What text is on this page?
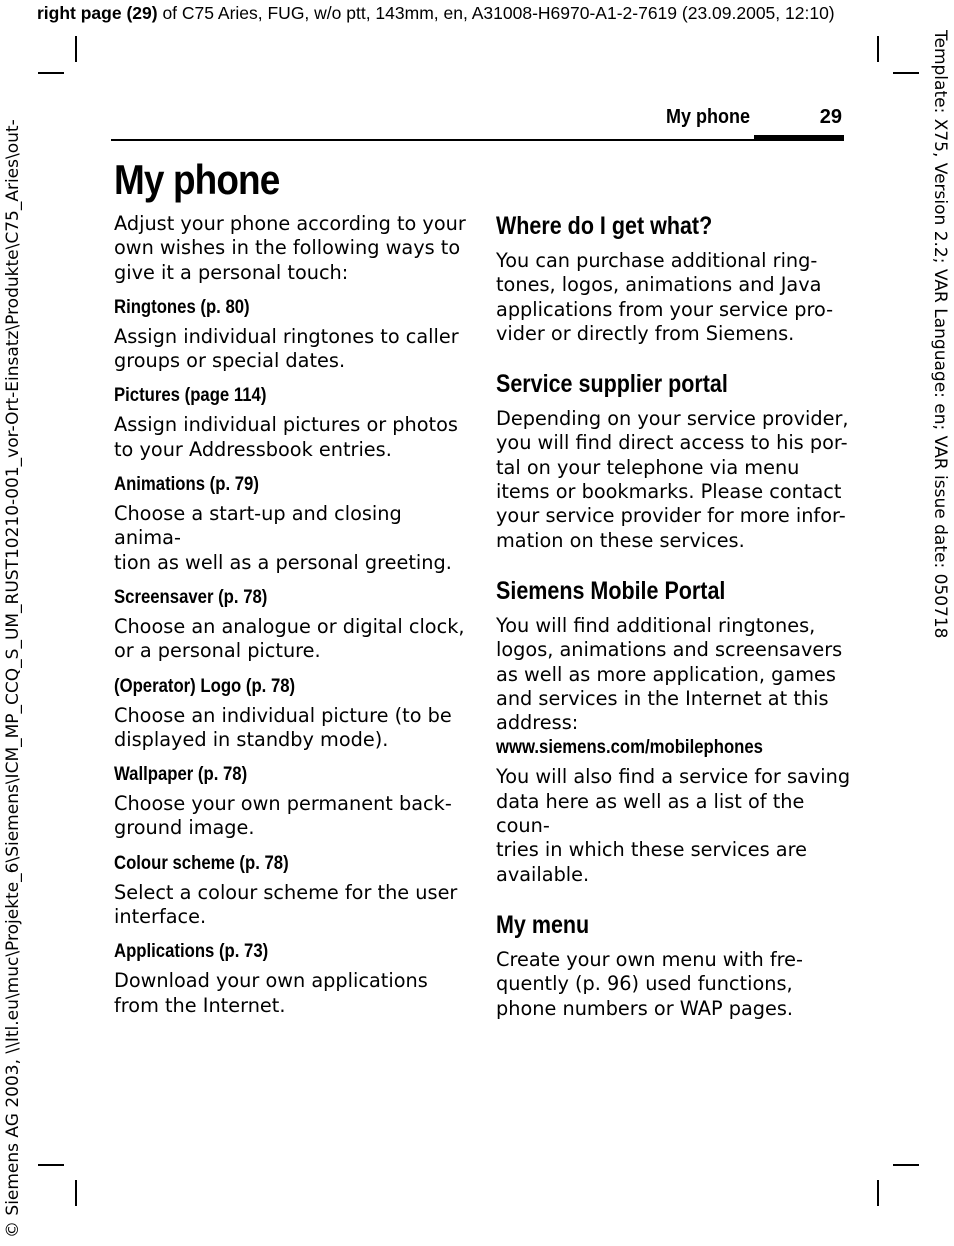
right page (29) of C75 Aries, FUG, w/o ptt, 143mm, en, A31008-H6970-A1-2-7619 (23.09.2005, 12:10)
© Siemens AG 2003, \\Itl.eu\muc\Projekte_6\Siemens\ICM_MP_CCQ_S_UM_RUST10210-001_vor-Ort-Einsatz\Produkte\C75_Aries\out-	Template: X75, Version 2.2; VAR Language: en; VAR issue date: 050718
My phone	29
My phone

Adjust your phone according to your
own wishes in the following ways to
give it a personal touch:

Ringtones (p. 80)

Assign individual ringtones to caller
groups or special dates.

Pictures (page 114)

Assign individual pictures or photos
to your Addressbook entries.

Animations (p. 79)

Choose a start-up and closing anima-
tion as well as a personal greeting.

Screensaver (p. 78)

Choose an analogue or digital clock,
or a personal picture.

(Operator) Logo (p. 78)

Choose an individual picture (to be
displayed in standby mode).

Wallpaper (p. 78)

Choose your own permanent back-
ground image.

Colour scheme (p. 78)

Select a colour scheme for the user
interface.

Applications (p. 73)

Download your own applications
from the Internet.

Where do I get what?

You can purchase additional ring-
tones, logos, animations and Java
applications from your service pro-
vider or directly from Siemens.

Service supplier portal

Depending on your service provider,
you will find direct access to his por-
tal on your telephone via menu
items or bookmarks. Please contact
your service provider for more infor-
mation on these services.

Siemens Mobile Portal

You will find additional ringtones,
logos, animations and screensavers
as well as more application, games
and services in the Internet at this
address:

www.siemens.com/mobilephones

You will also find a service for saving
data here as well as a list of the coun-
tries in which these services are
available.

My menu

Create your own menu with fre-
quently (p. 96) used functions,
phone numbers or WAP pages.
